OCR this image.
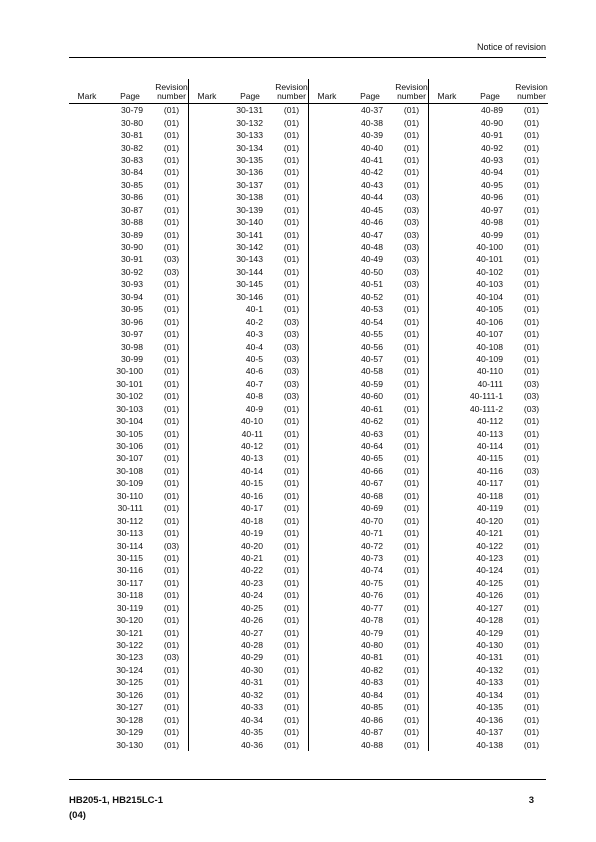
Notice of revision
Mark	Page	Revision number	Mark	Page	Revision number	Mark	Page	Revision number	Mark	Page	Revision number
	30-79	(01)		30-131	(01)		40-37	(01)		40-89	(01)
	30-80	(01)		30-132	(01)		40-38	(01)		40-90	(01)
	30-81	(01)		30-133	(01)		40-39	(01)		40-91	(01)
	30-82	(01)		30-134	(01)		40-40	(01)		40-92	(01)
	30-83	(01)		30-135	(01)		40-41	(01)		40-93	(01)
	30-84	(01)		30-136	(01)		40-42	(01)		40-94	(01)
	30-85	(01)		30-137	(01)		40-43	(01)		40-95	(01)
	30-86	(01)		30-138	(01)		40-44	(03)		40-96	(01)
	30-87	(01)		30-139	(01)		40-45	(03)		40-97	(01)
	30-88	(01)		30-140	(01)		40-46	(03)		40-98	(01)
	30-89	(01)		30-141	(01)		40-47	(03)		40-99	(01)
	30-90	(01)		30-142	(01)		40-48	(03)		40-100	(01)
	30-91	(03)		30-143	(01)		40-49	(03)		40-101	(01)
	30-92	(03)		30-144	(01)		40-50	(03)		40-102	(01)
	30-93	(01)		30-145	(01)		40-51	(03)		40-103	(01)
	30-94	(01)		30-146	(01)		40-52	(01)		40-104	(01)
	30-95	(01)		40-1	(01)		40-53	(01)		40-105	(01)
	30-96	(01)		40-2	(03)		40-54	(01)		40-106	(01)
	30-97	(01)		40-3	(03)		40-55	(01)		40-107	(01)
	30-98	(01)		40-4	(03)		40-56	(01)		40-108	(01)
	30-99	(01)		40-5	(03)		40-57	(01)		40-109	(01)
	30-100	(01)		40-6	(03)		40-58	(01)		40-110	(01)
	30-101	(01)		40-7	(03)		40-59	(01)		40-111	(03)
	30-102	(01)		40-8	(03)		40-60	(01)		40-111-1	(03)
	30-103	(01)		40-9	(01)		40-61	(01)		40-111-2	(03)
	30-104	(01)		40-10	(01)		40-62	(01)		40-112	(01)
	30-105	(01)		40-11	(01)		40-63	(01)		40-113	(01)
	30-106	(01)		40-12	(01)		40-64	(01)		40-114	(01)
	30-107	(01)		40-13	(01)		40-65	(01)		40-115	(01)
	30-108	(01)		40-14	(01)		40-66	(01)		40-116	(03)
	30-109	(01)		40-15	(01)		40-67	(01)		40-117	(01)
	30-110	(01)		40-16	(01)		40-68	(01)		40-118	(01)
	30-111	(01)		40-17	(01)		40-69	(01)		40-119	(01)
	30-112	(01)		40-18	(01)		40-70	(01)		40-120	(01)
	30-113	(01)		40-19	(01)		40-71	(01)		40-121	(01)
	30-114	(03)		40-20	(01)		40-72	(01)		40-122	(01)
	30-115	(01)		40-21	(01)		40-73	(01)		40-123	(01)
	30-116	(01)		40-22	(01)		40-74	(01)		40-124	(01)
	30-117	(01)		40-23	(01)		40-75	(01)		40-125	(01)
	30-118	(01)		40-24	(01)		40-76	(01)		40-126	(01)
	30-119	(01)		40-25	(01)		40-77	(01)		40-127	(01)
	30-120	(01)		40-26	(01)		40-78	(01)		40-128	(01)
	30-121	(01)		40-27	(01)		40-79	(01)		40-129	(01)
	30-122	(01)		40-28	(01)		40-80	(01)		40-130	(01)
	30-123	(03)		40-29	(01)		40-81	(01)		40-131	(01)
	30-124	(01)		40-30	(01)		40-82	(01)		40-132	(01)
	30-125	(01)		40-31	(01)		40-83	(01)		40-133	(01)
	30-126	(01)		40-32	(01)		40-84	(01)		40-134	(01)
	30-127	(01)		40-33	(01)		40-85	(01)		40-135	(01)
	30-128	(01)		40-34	(01)		40-86	(01)		40-136	(01)
	30-129	(01)		40-35	(01)		40-87	(01)		40-137	(01)
	30-130	(01)		40-36	(01)		40-88	(01)		40-138	(01)
HB205-1, HB215LC-1
(04)
3
